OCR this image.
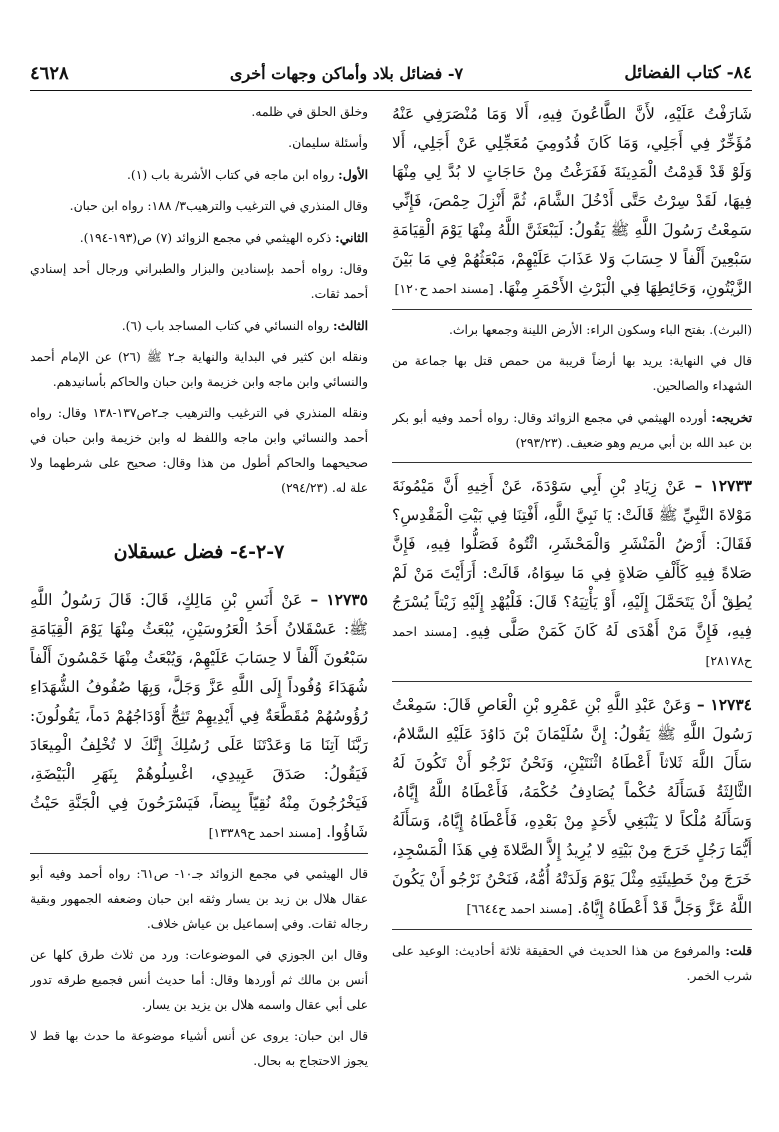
٨٤- كتاب الفضائل
٧- فضائل بلاد وأماكن وجهات أخرى
٤٦٢٨

شَارَفْتُ عَلَيْهِ، لأَنَّ الطَّاعُونَ فِيهِ، أَلا وَمَا مُنْصَرَفِي عَنْهُ مُؤَخِّرٌ فِي أَجَلِي، وَمَا كَانَ قُدُومِيَ مُعَجِّلِي عَنْ أَجَلِي، أَلا وَلَوْ قَدْ قَدِمْتُ الْمَدِينَةَ فَفَرَغْتُ مِنْ حَاجَاتٍ لا بُدَّ لِي مِنْهَا فِيهَا، لَقَدْ سِرْتُ حَتَّى أَدْخُلَ الشَّامَ، ثُمَّ أَنْزِلَ حِمْصَ، فَإِنِّي سَمِعْتُ رَسُولَ اللَّهِ ﷺ يَقُولُ: لَيَبْعَثَنَّ اللَّهُ مِنْهَا يَوْمَ الْقِيَامَةِ سَبْعِينَ أَلْفاً لا حِسَابَ وَلا عَذَابَ عَلَيْهِمْ، مَبْعَثُهُمْ فِي مَا بَيْنَ الزَّيْتُونِ، وَحَائِطِهَا فِي الْبَرْثِ الأَحْمَرِ مِنْهَا. [مسند احمد ح١٢٠]

(البرث). بفتح الباء وسكون الراء: الأرض اللينة وجمعها براث.

قال في النهاية: يريد بها أرضاً قريبة من حمص قتل بها جماعة من الشهداء والصالحين.

تخريجه: أورده الهيثمي في مجمع الزوائد وقال: رواه أحمد وفيه أبو بكر بن عبد الله بن أبي مريم وهو ضعيف. (٢٩٣/٢٣)

١٢٧٣٣ – عَنْ زِيَادِ بْنِ أَبِي سَوْدَةَ، عَنْ أَخِيهِ أَنَّ مَيْمُونَةَ مَوْلاةَ النَّبِيِّ ﷺ قَالَتْ: يَا نَبِيَّ اللَّهِ، أَفْتِنَا فِي بَيْتِ الْمَقْدِسِ؟ فَقَالَ: أَرْضُ الْمَنْشَرِ وَالْمَحْشَرِ، ائْتُوهُ فَصَلُّوا فِيهِ، فَإِنَّ صَلاةً فِيهِ كَأَلْفِ صَلاةٍ فِي مَا سِوَاهُ، قَالَتْ: أَرَأَيْتَ مَنْ لَمْ يُطِقْ أَنْ يَتَحَمَّلَ إِلَيْهِ، أَوْ يَأْتِيَهُ؟ قَالَ: فَلْيُهْدِ إِلَيْهِ زَيْتاً يُسْرَجُ فِيهِ، فَإِنَّ مَنْ أَهْدَى لَهُ كَانَ كَمَنْ صَلَّى فِيهِ. [مسند احمد ح٢٨١٧٨]

١٢٧٣٤ – وَعَنْ عَبْدِ اللَّهِ بْنِ عَمْرِو بْنِ الْعَاصِ قَالَ: سَمِعْتُ رَسُولَ اللَّهِ ﷺ يَقُولُ: إِنَّ سُلَيْمَانَ بْنَ دَاوُدَ عَلَيْهِ السَّلامُ، سَأَلَ اللَّهَ ثَلاثاً أَعْطَاهُ اثْنَتَيْنِ، وَنَحْنُ نَرْجُو أَنْ تَكُونَ لَهُ الثَّالِثَةُ فَسَأَلَهُ حُكْماً يُصَادِفُ حُكْمَهُ، فَأَعْطَاهُ اللَّهُ إِيَّاهُ، وَسَأَلَهُ مُلْكاً لا يَنْبَغِي لأَحَدٍ مِنْ بَعْدِهِ، فَأَعْطَاهُ إِيَّاهُ، وَسَأَلَهُ أَيُّمَا رَجُلٍ خَرَجَ مِنْ بَيْتِهِ لا يُرِيدُ إِلاَّ الصَّلاةَ فِي هَذَا الْمَسْجِدِ، خَرَجَ مِنْ خَطِيئَتِهِ مِثْلَ يَوْمَ وَلَدَتْهُ أُمُّهُ، فَنَحْنُ نَرْجُو أَنْ يَكُونَ اللَّهُ عَزَّ وَجَلَّ قَدْ أَعْطَاهُ إِيَّاهُ. [مسند احمد ح٦٦٤٤]

قلت: والمرفوع من هذا الحديث في الحقيقة ثلاثة أحاديث: الوعيد على شرب الخمر.

وخلق الحلق في ظلمه.

وأسئلة سليمان.

الأول: رواه ابن ماجه في كتاب الأشربة باب (١).

وقال المنذري في الترغيب والترهيب٣/ ١٨٨: رواه ابن حبان.

الثاني: ذكره الهيثمي في مجمع الزوائد (٧) ص(١٩٣-١٩٤).

وقال: رواه أحمد بإسنادين والبزار والطبراني ورجال أحد إسنادي أحمد ثقات.

الثالث: رواه النسائي في كتاب المساجد باب (٦).

ونقله ابن كثير في البداية والنهاية جـ٢ ﷺ (٢٦) عن الإمام أحمد والنسائي وابن ماجه وابن خزيمة وابن حبان والحاكم بأسانيدهم.

ونقله المنذري في الترغيب والترهيب جـ٢ص١٣٧-١٣٨ وقال: رواه أحمد والنسائي وابن ماجه واللفظ له وابن خزيمة وابن حبان في صحيحهما والحاكم أطول من هذا وقال: صحيح على شرطهما ولا علة له. (٢٩٤/٢٣)

٧-٢-٤- فضل عسقلان

١٢٧٣٥ – عَنْ أَنَسِ بْنِ مَالِكٍ، قَالَ: قَالَ رَسُولُ اللَّهِ ﷺ: عَسْقَلانُ أَحَدُ الْعَرُوسَيْنِ، يُبْعَثُ مِنْهَا يَوْمَ الْقِيَامَةِ سَبْعُونَ أَلْفاً لا حِسَابَ عَلَيْهِمْ، وَيُبْعَثُ مِنْهَا خَمْسُونَ أَلْفاً شُهَدَاءَ وُفُوداً إِلَى اللَّهِ عَزَّ وَجَلَّ، وَبِهَا صُفُوفُ الشُّهَدَاءِ رُؤُوسُهُمْ مُقَطَّعَةٌ فِي أَيْدِيهِمْ تَثِجُّ أَوْدَاجُهُمْ دَماً، يَقُولُونَ: رَبَّنَا آتِنَا مَا وَعَدْتَنَا عَلَى رُسُلِكَ إِنَّكَ لا تُخْلِفُ الْمِيعَادَ فَيَقُولُ: صَدَقَ عَبِيدِي، اغْسِلُوهُمْ بِنَهَرِ الْبَيْضَةِ، فَيَخْرُجُونَ مِنْهُ نُقِيّاً بِيضاً، فَيَسْرَحُونَ فِي الْجَنَّةِ حَيْثُ شَاؤُوا. [مسند احمد ح١٣٣٨٩]

قال الهيثمي في مجمع الزوائد جـ١٠- ص٦١: رواه أحمد وفيه أبو عقال هلال بن زيد بن يسار وثقه ابن حبان وضعفه الجمهور وبقية رجاله ثقات. وفي إسماعيل بن عياش خلاف.

وقال ابن الجوزي في الموضوعات: ورد من ثلاث طرق كلها عن أنس بن مالك ثم أوردها وقال: أما حديث أنس فجميع طرقه تدور على أبي عقال واسمه هلال بن يزيد بن يسار.

قال ابن حبان: يروى عن أنس أشياء موضوعة ما حدث بها قط لا يجوز الاحتجاج به بحال.
